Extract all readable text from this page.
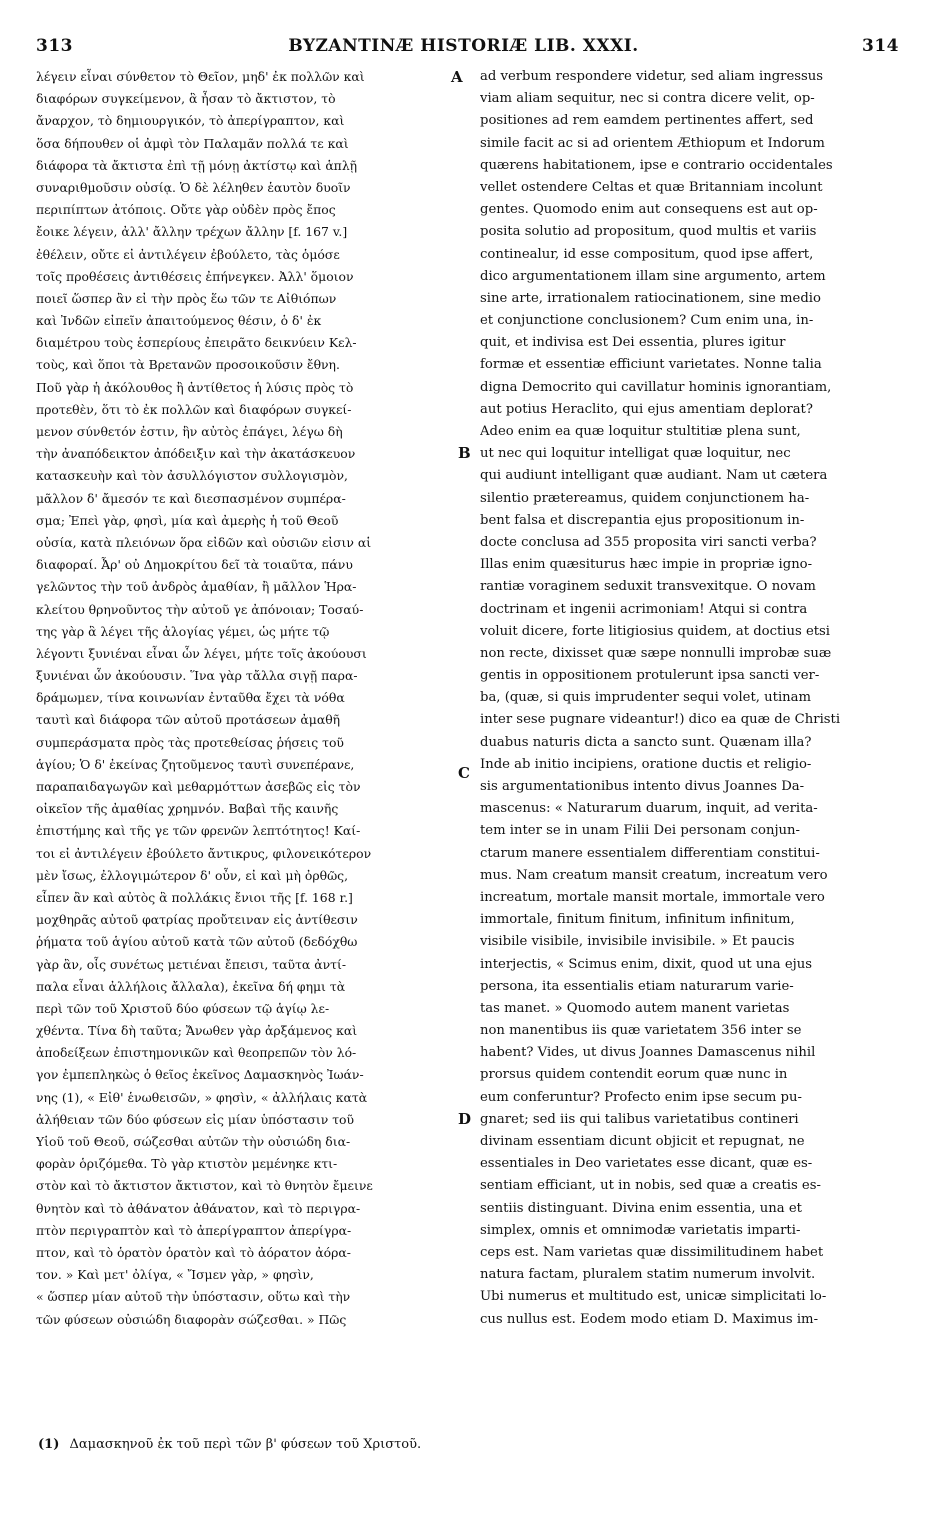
313	BYZANTINÆ HISTORIÆ LIB. XXXI.	314
λέγειν εἶναι σύνθετον τὸ Θεῖον, μηδ' ἐκ πολλῶν καὶ
διαφόρων συγκείμενον, ἃ ἦσαν τὸ ἄκτιστον, τὸ
ἄναρχον, τὸ δημιουργικόν, τὸ ἀπερίγραπτον, καὶ
ὅσα δήπουθεν οἱ ἀμφὶ τὸν Παλαμᾶν πολλά τε καὶ
διάφορα τὰ ἄκτιστα ἐπὶ τῇ μόνῃ ἀκτίστῳ καὶ ἁπλῇ
συναριθμοῦσιν οὐσίᾳ. Ὁ δὲ λέληθεν ἑαυτὸν δυοῖν
περιπίπτων ἀτόποις. Οὔτε γὰρ οὐδὲν πρὸς ἔπος
ἔοικε λέγειν, ἀλλ' ἄλλην τρέχων ἄλλην [f. 167 v.]
ἐθέλειν, οὔτε εἰ ἀντιλέγειν ἐβούλετο, τὰς ὁμόσε
τοῖς προθέσεις ἀντιθέσεις ἐπήνεγκεν. Ἀλλ' ὅμοιον
ποιεῖ ὥσπερ ἂν εἰ τὴν πρὸς ἕω τῶν τε Αἰθιόπων
καὶ Ἰνδῶν εἰπεῖν ἀπαιτούμενος θέσιν, ὁ δ' ἐκ
διαμέτρου τοὺς ἑσπερίους ἐπειρᾶτο δεικνύειν Κελ-
τοὺς, καὶ ὅποι τὰ Βρετανῶν προσοικοῦσιν ἔθνη.
Ποῦ γὰρ ἡ ἀκόλουθος ἢ ἀντίθετος ἡ λύσις πρὸς τὸ
προτεθὲν, ὅτι τὸ ἐκ πολλῶν καὶ διαφόρων συγκεί-
μενον σύνθετόν ἐστιν, ἣν αὐτὸς ἐπάγει, λέγω δὴ
τὴν ἀναπόδεικτον ἀπόδειξιν καὶ τὴν ἀκατάσκευον
κατασκευὴν καὶ τὸν ἀσυλλόγιστον συλλογισμὸν,
μᾶλλον δ' ἄμεσόν τε καὶ διεσπασμένον συμπέρα-
σμα; Ἐπεὶ γὰρ, φησὶ, μία καὶ ἀμερὴς ἡ τοῦ Θεοῦ
οὐσία, κατὰ πλειόνων ὅρα εἰδῶν καὶ οὐσιῶν εἰσιν αἱ
διαφοραί. Ἆρ' οὐ Δημοκρίτου δεῖ τὰ τοιαῦτα, πάνυ
γελῶντος τὴν τοῦ ἀνδρὸς ἀμαθίαν, ἢ μᾶλλον Ἡρα-
κλείτου θρηνοῦντος τὴν αὐτοῦ γε ἀπόνοιαν; Τοσαύ-
της γὰρ ἃ λέγει τῆς ἀλογίας γέμει, ὡς μήτε τῷ
λέγοντι ξυνιέναι εἶναι ὧν λέγει, μήτε τοῖς ἀκούουσι
ξυνιέναι ὧν ἀκούουσιν. Ἵνα γὰρ τἄλλα σιγῇ παρα-
δράμωμεν, τίνα κοινωνίαν ἐνταῦθα ἔχει τὰ νόθα
ταυτὶ καὶ διάφορα τῶν αὐτοῦ προτάσεων ἀμαθῆ
συμπεράσματα πρὸς τὰς προτεθείσας ῥήσεις τοῦ
ἁγίου; Ὁ δ' ἐκείνας ζητοῦμενος ταυτὶ συνεπέρανε,
παραπαιδαγωγῶν καὶ μεθαρμόττων ἀσεβῶς εἰς τὸν
οἰκεῖον τῆς ἀμαθίας χρημνόν. Βαβαὶ τῆς καινῆς
ἐπιστήμης καὶ τῆς γε τῶν φρενῶν λεπτότητος! Καί-
τοι εἰ ἀντιλέγειν ἐβούλετο ἄντικρυς, φιλονεικότερον
μὲν ἴσως, ἐλλογιμώτερον δ' οὖν, εἰ καὶ μὴ ὀρθῶς,
εἶπεν ἂν καὶ αὐτὸς ἃ πολλάκις ἔνιοι τῆς [f. 168 r.]
μοχθηρᾶς αὐτοῦ φατρίας προὔτειναν εἰς ἀντίθεσιν
ῥήματα τοῦ ἁγίου αὐτοῦ κατὰ τῶν αὐτοῦ (δεδόχθω
γὰρ ἂν, οἷς συνέτως μετιέναι ἔπεισι, ταῦτα ἀντί-
παλα εἶναι ἀλλήλοις ἄλλαλα), ἐκεῖνα δή φημι τὰ
περὶ τῶν τοῦ Χριστοῦ δύο φύσεων τῷ ἁγίῳ λε-
χθέντα. Τίνα δὴ ταῦτα; Ἄνωθεν γὰρ ἀρξάμενος καὶ
ἀποδείξεων ἐπιστημονικῶν καὶ θεοπρεπῶν τὸν λό-
γον ἐμπεπληκὼς ὁ θεῖος ἐκεῖνος Δαμασκηνὸς Ἰωάν-
νης (1), « Εἰθ' ἑνωθεισῶν, » φησὶν, « ἀλλήλαις κατὰ
ἀλήθειαν τῶν δύο φύσεων εἰς μίαν ὑπόστασιν τοῦ
Υἱοῦ τοῦ Θεοῦ, σώζεσθαι αὐτῶν τὴν οὐσιώδη δια-
φορὰν ὁριζόμεθα. Τὸ γὰρ κτιστὸν μεμένηκε κτι-
στὸν καὶ τὸ ἄκτιστον ἄκτιστον, καὶ τὸ θνητὸν ἔμεινε
θνητὸν καὶ τὸ ἀθάνατον ἀθάνατον, καὶ τὸ περιγρα-
πτὸν περιγραπτὸν καὶ τὸ ἀπερίγραπτον ἀπερίγρα-
πτον, καὶ τὸ ὁρατὸν ὁρατὸν καὶ τὸ ἀόρατον ἀόρα-
τον. » Καὶ μετ' ὀλίγα, « Ἴσμεν γὰρ, » φησὶν,
« ὥσπερ μίαν αὐτοῦ τὴν ὑπόστασιν, οὕτω καὶ τὴν
τῶν φύσεων οὐσιώδη διαφορὰν σώζεσθαι. » Πῶς
ad verbum respondere videtur, sed aliam ingressus
viam aliam sequitur, nec si contra dicere velit, op-
positiones ad rem eamdem pertinentes affert, sed
simile facit ac si ad orientem Æthiopum et Indorum
quærens habitationem, ipse e contrario occidentales
vellet ostendere Celtas et quæ Britanniam incolunt
gentes. Quomodo enim aut consequens est aut op-
posita solutio ad propositum, quod multis et variis
continealur, id esse compositum, quod ipse affert,
dico argumentationem illam sine argumento, artem
sine arte, irrationalem ratiocinationem, sine medio
et conjunctione conclusionem? Cum enim una, in-
quit, et indivisa est Dei essentia, plures igitur
formæ et essentiæ efficiunt varietates. Nonne talia
digna Democrito qui cavillatur hominis ignorantiam,
aut potius Heraclito, qui ejus amentiam deplorat?
Adeo enim ea quæ loquitur stultitiæ plena sunt,
ut nec qui loquitur intelligat quæ loquitur, nec
qui audiunt intelligant quæ audiant. Nam ut cætera
silentio prætereamus, quidem conjunctionem ha-
bent falsa et discrepantia ejus propositionum in-
docte conclusa ad 355 proposita viri sancti verba?
Illas enim quæsiturus hæc impie in propriæ igno-
rantiæ voraginem seduxit transvexitque. O novam
doctrinam et ingenii acrimoniam! Atqui si contra
voluit dicere, forte litigiosius quidem, at doctius etsi
non recte, dixisset quæ sæpe nonnulli improbæ suæ
gentis in oppositionem protulerunt ipsa sancti ver-
ba, (quæ, si quis imprudenter sequi volet, utinam
inter sese pugnare videantur!) dico ea quæ de Christi
duabus naturis dicta a sancto sunt. Quænam illa?
Inde ab initio incipiens, oratione ductis et religio-
sis argumentationibus intento divus Joannes Da-
mascenus: « Naturarum duarum, inquit, ad verita-
tem inter se in unam Filii Dei personam conjun-
ctarum manere essentialem differentiam constitui-
mus. Nam creatum mansit creatum, increatum vero
increatum, mortale mansit mortale, immortale vero
immortale, finitum finitum, infinitum infinitum,
visibile visibile, invisibile invisibile. » Et paucis
interjectis, « Scimus enim, dixit, quod ut una ejus
persona, ita essentialis etiam naturarum varie-
tas manet. » Quomodo autem manent varietas
non manentibus iis quæ varietatem 356 inter se
habent? Vides, ut divus Joannes Damascenus nihil
prorsus quidem contendit eorum quæ nunc in
eum conferuntur? Profecto enim ipse secum pu-
gnaret; sed iis qui talibus varietatibus contineri
divinam essentiam dicunt objicit et repugnat, ne
essentiales in Deo varietates esse dicant, quæ es-
sentiam efficiant, ut in nobis, sed quæ a creatis es-
sentiis distinguant. Divina enim essentia, una et
simplex, omnis et omnimodæ varietatis imparti-
ceps est. Nam varietas quæ dissimilitudinem habet
natura factam, pluralem statim numerum involvit.
Ubi numerus et multitudo est, unicæ simplicitati lo-
cus nullus est. Eodem modo etiam D. Maximus im-
A
B
C
D
(1) Δαμασκηνοῦ ἐκ τοῦ περὶ τῶν β' φύσεων τοῦ Χριστοῦ.
